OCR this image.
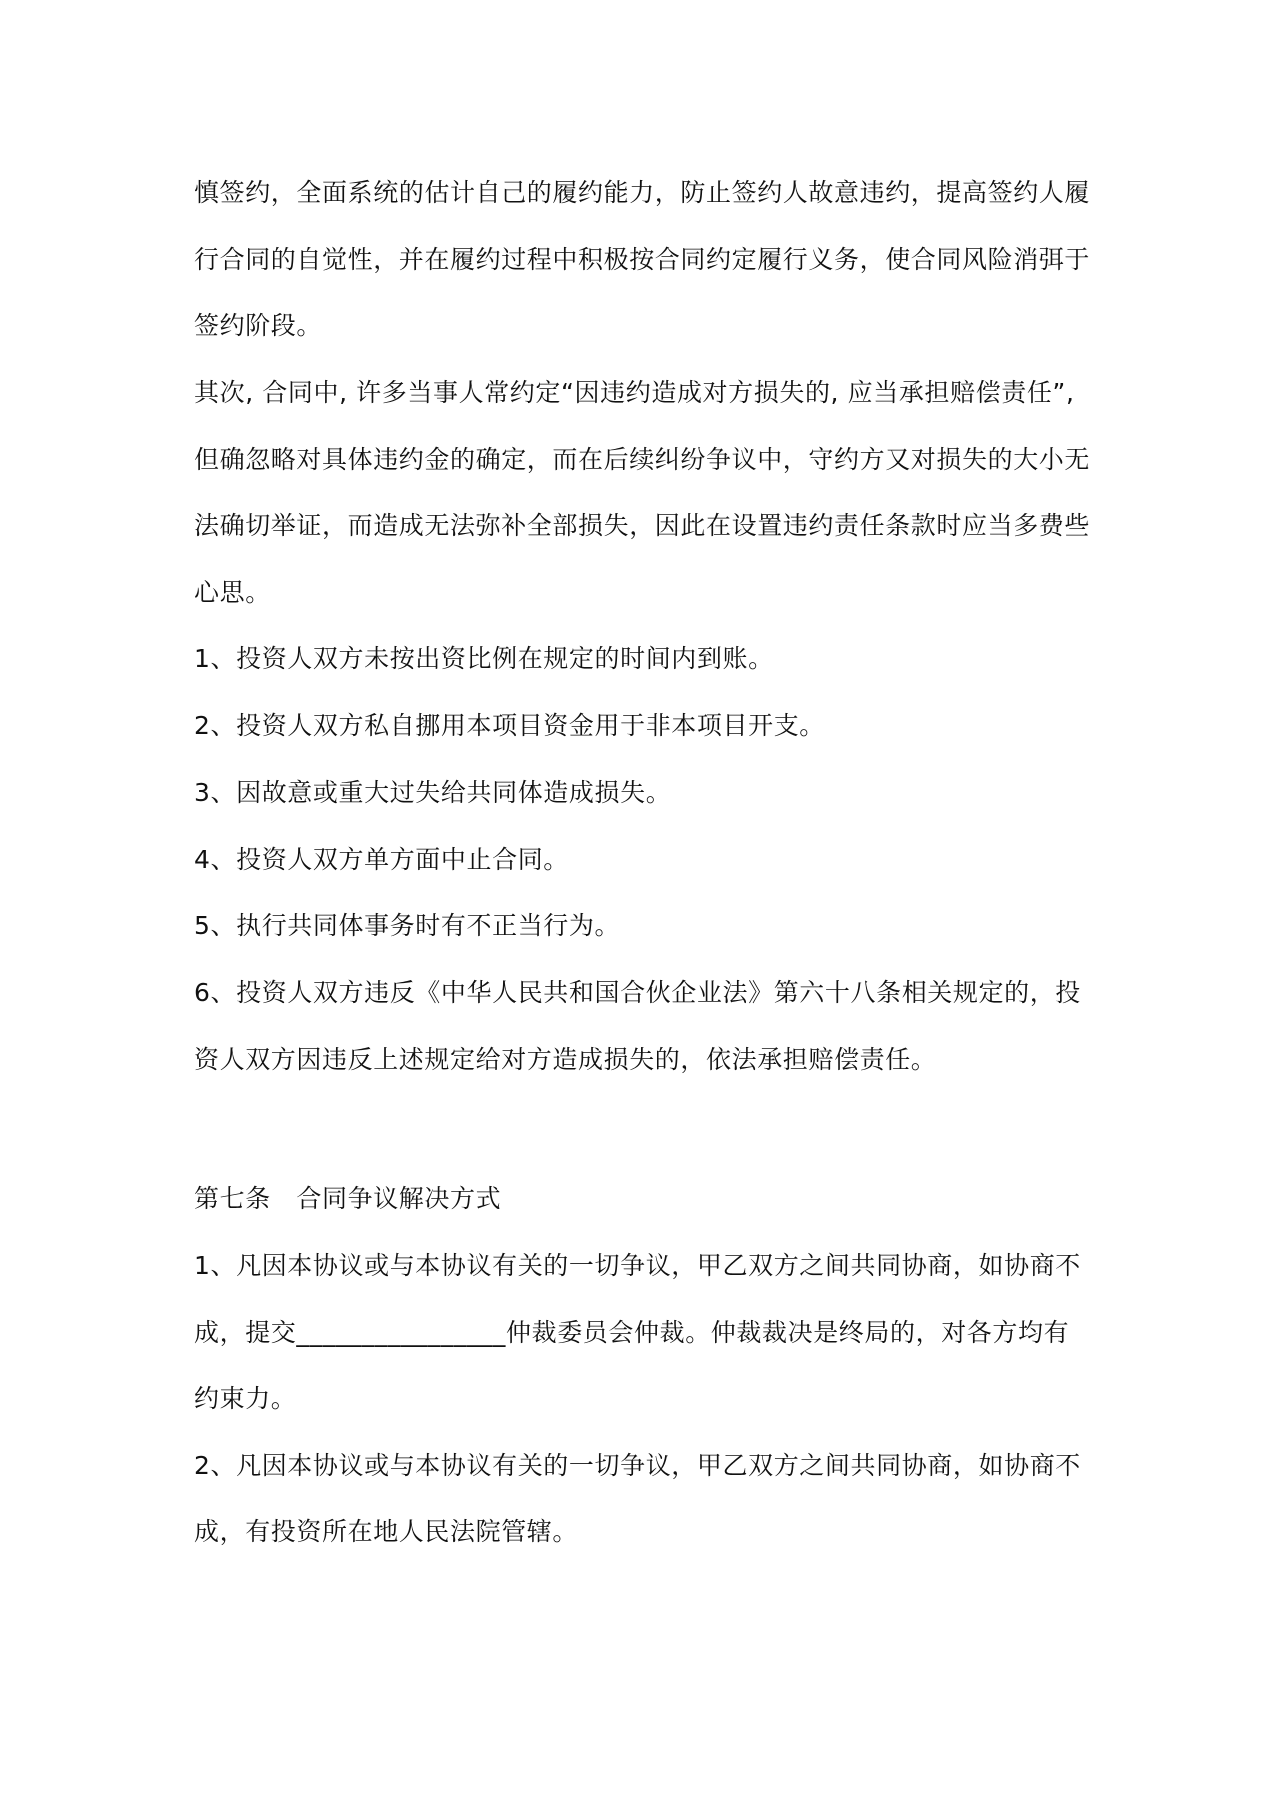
慎签约，全面系统的估计自己的履约能力，防止签约人故意违约，提高签约人履
行合同的自觉性，并在履约过程中积极按合同约定履行义务，使合同风险消弭于
签约阶段。
其次, 合同中, 许多当事人常约定“因违约造成对方损失的, 应当承担赔偿责任”,
但确忽略对具体违约金的确定，而在后续纠纷争议中，守约方又对损失的大小无
法确切举证，而造成无法弥补全部损失，因此在设置违约责任条款时应当多费些
心思。
1、投资人双方未按出资比例在规定的时间内到账。
2、投资人双方私自挪用本项目资金用于非本项目开支。
3、因故意或重大过失给共同体造成损失。
4、投资人双方单方面中止合同。
5、执行共同体事务时有不正当行为。
6、投资人双方违反《中华人民共和国合伙企业法》第六十八条相关规定的，投
资人双方因违反上述规定给对方造成损失的，依法承担赔偿责任。
第七条　合同争议解决方式
1、凡因本协议或与本协议有关的一切争议，甲乙双方之间共同协商，如协商不
成，提交________________仲裁委员会仲裁。仲裁裁决是终局的，对各方均有
约束力。
2、凡因本协议或与本协议有关的一切争议，甲乙双方之间共同协商，如协商不
成，有投资所在地人民法院管辖。
